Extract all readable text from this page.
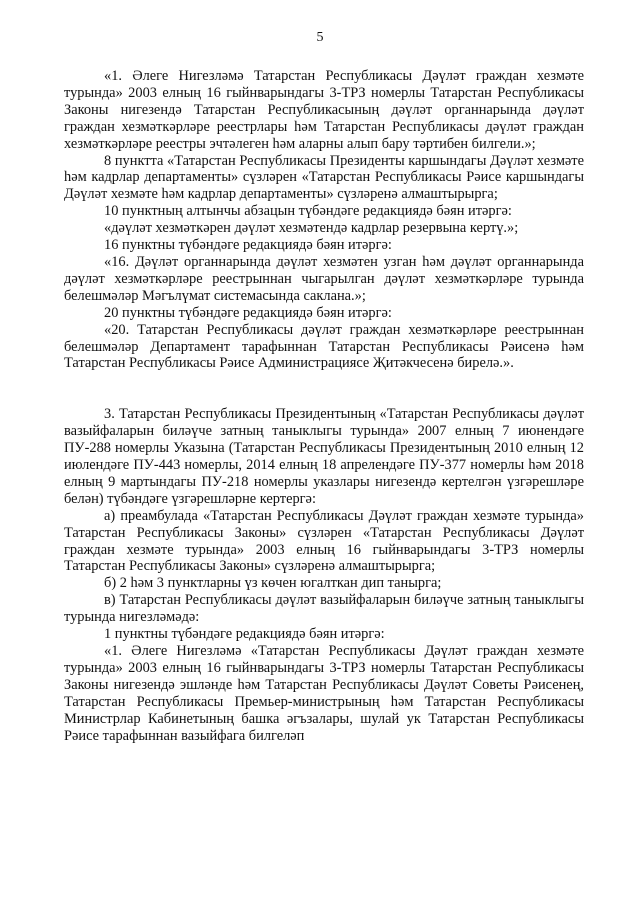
5

«1. Әлеге Нигезләмә Татарстан Республикасы Дәүләт граждан хезмәте турында» 2003 елның 16 гыйнварындагы 3-ТРЗ номерлы Татарстан Республикасы Законы нигезендә Татарстан Республикасының дәүләт органнарында дәүләт граждан хезмәткәрләре реестрлары һәм Татарстан Республикасы дәүләт граждан хезмәткәрләре реестры эчтәлеген һәм аларны алып бару тәртибен билгели.»;

8 пунктта «Татарстан Республикасы Президенты каршындагы Дәүләт хезмәте һәм кадрлар департаменты» сүзләрен «Татарстан Республикасы Рәисе каршындагы Дәүләт хезмәте һәм кадрлар департаменты» сүзләренә алмаштырырга;

10 пунктның алтынчы абзацын түбәндәге редакциядә бәян итәргә:

«дәүләт хезмәткәрен дәүләт хезмәтендә кадрлар резервына кертү.»;

16 пунктны түбәндәге редакциядә бәян итәргә:

«16. Дәүләт органнарында дәүләт хезмәтен узган һәм дәүләт органнарында дәүләт хезмәткәрләре реестрыннан чыгарылган дәүләт хезмәткәрләре турында белешмәләр Мәгълүмат системасында саклана.»;

20 пунктны түбәндәге редакциядә бәян итәргә:

«20. Татарстан Республикасы дәүләт граждан хезмәткәрләре реестрыннан белешмәләр Департамент тарафыннан Татарстан Республикасы Рәисенә һәм Татарстан Республикасы Рәисе Администрациясе Җитәкчесенә бирелә.».

3. Татарстан Республикасы Президентының «Татарстан Республикасы дәүләт вазыйфаларын биләүче затның таныклыгы турында» 2007 елның 7 июнендәге ПУ-288 номерлы Указына (Татарстан Республикасы Президентының 2010 елның 12 июлендәге ПУ-443 номерлы, 2014 елның 18 апрелендәге ПУ-377 номерлы һәм 2018 елның 9 мартындагы ПУ-218 номерлы указлары нигезендә кертелгән үзгәрешләре белән) түбәндәге үзгәрешләрне кертергә:

а) преамбулада «Татарстан Республикасы Дәүләт граждан хезмәте турында» Татарстан Республикасы Законы» сүзләрен «Татарстан Республикасы Дәүләт граждан хезмәте турында» 2003 елның 16 гыйнварындагы 3-ТРЗ номерлы Татарстан Республикасы Законы» сүзләренә алмаштырырга;

б) 2 һәм 3 пунктларны үз көчен югалткан дип танырга;

в) Татарстан Республикасы дәүләт вазыйфаларын биләүче затның таныклыгы турында нигезләмәдә:

1 пунктны түбәндәге редакциядә бәян итәргә:

«1. Әлеге Нигезләмә «Татарстан Республикасы Дәүләт граждан хезмәте турында» 2003 елның 16 гыйнварындагы 3-ТРЗ номерлы Татарстан Республикасы Законы нигезендә эшләнде һәм Татарстан Республикасы Дәүләт Советы Рәисенең, Татарстан Республикасы Премьер-министрының һәм Татарстан Республикасы Министрлар Кабинетының башка әгъзалары, шулай ук Татарстан Республикасы Рәисе тарафыннан вазыйфага билгеләп
